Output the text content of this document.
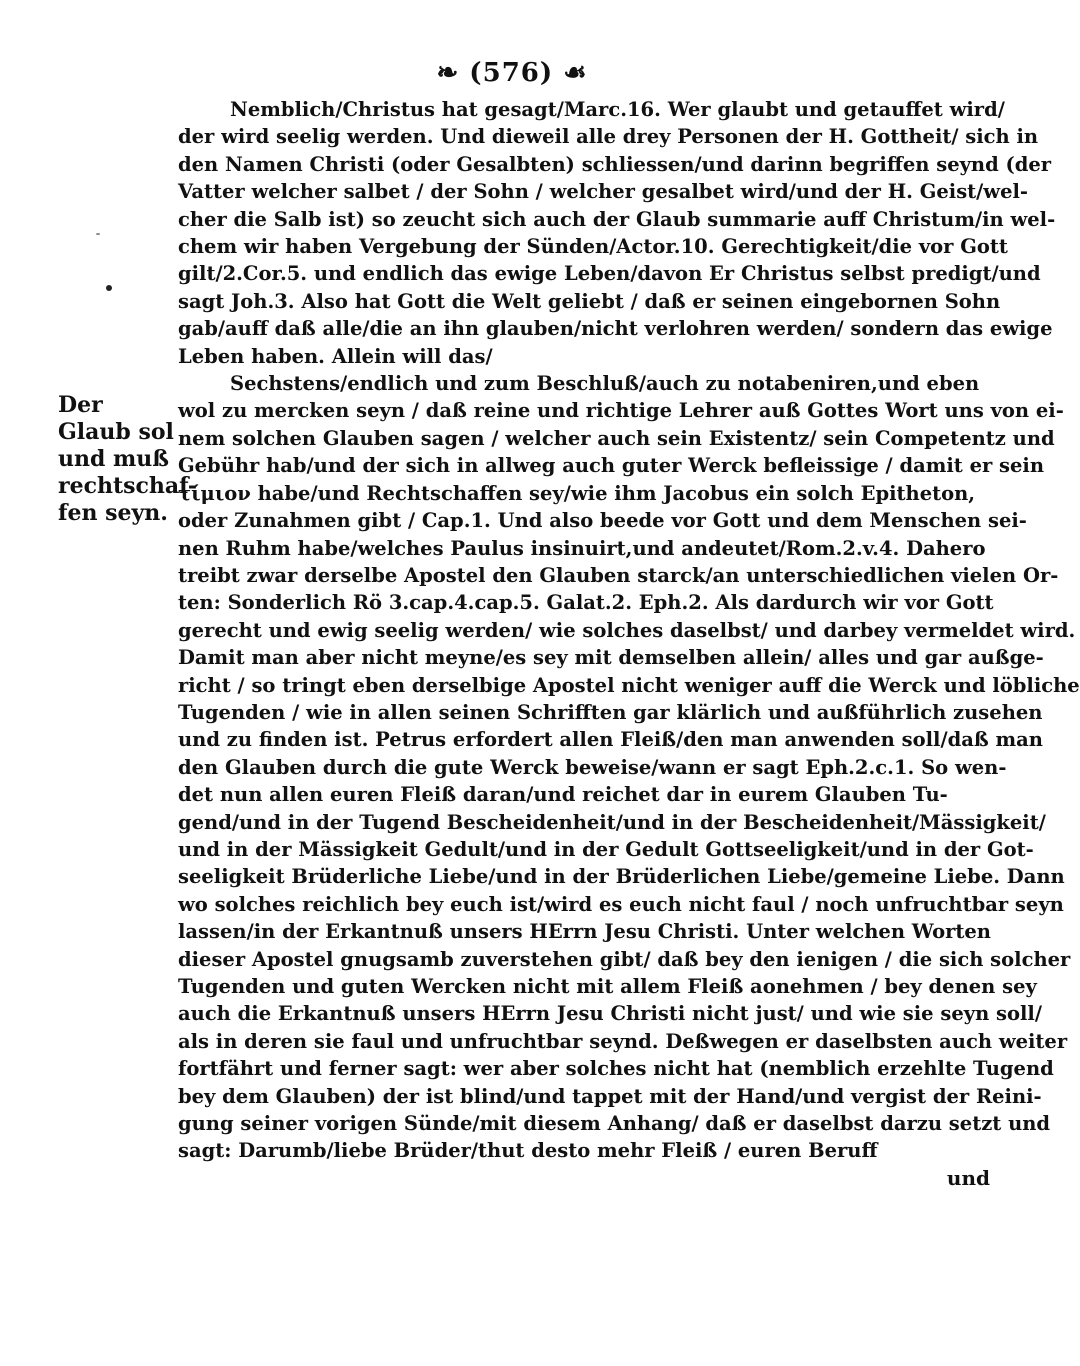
❧ (576) ☙
Der
Glaub sol
und muß
rechtschaf-
fen seyn.
Nemblich/Christus hat gesagt/Marc.16. Wer glaubt und getauffet wird/
der wird seelig werden. Und dieweil alle drey Personen der H. Gottheit/ sich in
den Namen Christi (oder Gesalbten) schliessen/und darinn begriffen seynd (der
Vatter welcher salbet / der Sohn / welcher gesalbet wird/und der H. Geist/wel-
cher die Salb ist) so zeucht sich auch der Glaub summarie auff Christum/in wel-
chem wir haben Vergebung der Sünden/Actor.10. Gerechtigkeit/die vor Gott
gilt/2.Cor.5. und endlich das ewige Leben/davon Er Christus selbst predigt/und
sagt Joh.3. Also hat Gott die Welt geliebt / daß er seinen eingebornen Sohn
gab/auff daß alle/die an ihn glauben/nicht verlohren werden/ sondern das ewige
Leben haben. Allein will das/
Sechstens/endlich und zum Beschluß/auch zu notabeniren,und eben
wol zu mercken seyn / daß reine und richtige Lehrer auß Gottes Wort uns von ei-
nem solchen Glauben sagen / welcher auch sein Existentz/ sein Competentz und
Gebühr hab/und der sich in allweg auch guter Werck befleissige / damit er sein
τίμιον habe/und Rechtschaffen sey/wie ihm Jacobus ein solch Epitheton,
oder Zunahmen gibt / Cap.1. Und also beede vor Gott und dem Menschen sei-
nen Ruhm habe/welches Paulus insinuirt,und andeutet/Rom.2.v.4. Dahero
treibt zwar derselbe Apostel den Glauben starck/an unterschiedlichen vielen Or-
ten: Sonderlich Rö 3.cap.4.cap.5. Galat.2. Eph.2. Als dardurch wir vor Gott
gerecht und ewig seelig werden/ wie solches daselbst/ und darbey vermeldet wird.
Damit man aber nicht meyne/es sey mit demselben allein/ alles und gar außge-
richt / so tringt eben derselbige Apostel nicht weniger auff die Werck und löbliche
Tugenden / wie in allen seinen Schrifften gar klärlich und außführlich zusehen
und zu finden ist. Petrus erfordert allen Fleiß/den man anwenden soll/daß man
den Glauben durch die gute Werck beweise/wann er sagt Eph.2.c.1. So wen-
det nun allen euren Fleiß daran/und reichet dar in eurem Glauben Tu-
gend/und in der Tugend Bescheidenheit/und in der Bescheidenheit/Mässigkeit/
und in der Mässigkeit Gedult/und in der Gedult Gottseeligkeit/und in der Got-
seeligkeit Brüderliche Liebe/und in der Brüderlichen Liebe/gemeine Liebe. Dann
wo solches reichlich bey euch ist/wird es euch nicht faul / noch unfruchtbar seyn
lassen/in der Erkantnuß unsers HErrn Jesu Christi. Unter welchen Worten
dieser Apostel gnugsamb zuverstehen gibt/ daß bey den ienigen / die sich solcher
Tugenden und guten Wercken nicht mit allem Fleiß aonehmen / bey denen sey
auch die Erkantnuß unsers HErrn Jesu Christi nicht just/ und wie sie seyn soll/
als in deren sie faul und unfruchtbar seynd. Deßwegen er daselbsten auch weiter
fortfährt und ferner sagt: wer aber solches nicht hat (nemblich erzehlte Tugend
bey dem Glauben) der ist blind/und tappet mit der Hand/und vergist der Reini-
gung seiner vorigen Sünde/mit diesem Anhang/ daß er daselbst darzu setzt und
sagt: Darumb/liebe Brüder/thut desto mehr Fleiß / euren Beruff
und
